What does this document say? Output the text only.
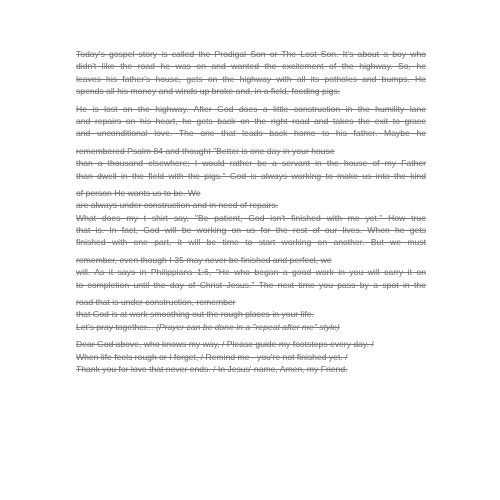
Today's gospel story is called the Prodigal Son or The Lost Son. It's about a boy who
didn't like the road he was on and wanted the excitement of the highway. So, he
leaves his father's house, gets on the highway with all its potholes and bumps. He
spends all his money and winds up broke and, in a field, feeding pigs.
He is lost on the highway. After God does a little construction in the humility lane
and repairs on his heart, he gets back on the right road and takes the exit to grace
and unconditional love. The one that leads back home to his father. Maybe he
remembered Psalm 84 and thought "Better is one day in your house
than a thousand elsewhere; I would rather be a servant in the house of my Father
than dwell in the field with the pigs." God is always working to make us into the kind
of person He wants us to be. We
are always under construction and in need of repairs.
What does my t shirt say, "Be patient, God isn't finished with me yet." How true
that is. In fact, God will be working on us for the rest of our lives. When he gets
finished with one part, it will be time to start working on another. But we must
remember, even though I-35 may never be finished and perfect, we
will. As it says in Philippians 1:6, "He who began a good work in you will carry it on
to completion until the day of Christ Jesus." The next time you pass by a spot in the
road that is under construction, remember
that God is at work smoothing out the rough places in your life.
Let's pray together... (Prayer can be done in a "repeat after me" style)
Dear God above, who knows my way, / Please guide my footsteps every day. /
When life feels rough or I forget, / Remind me - you're not finished yet. /
Thank you for love that never ends. / In Jesus' name, Amen, my Friend.
